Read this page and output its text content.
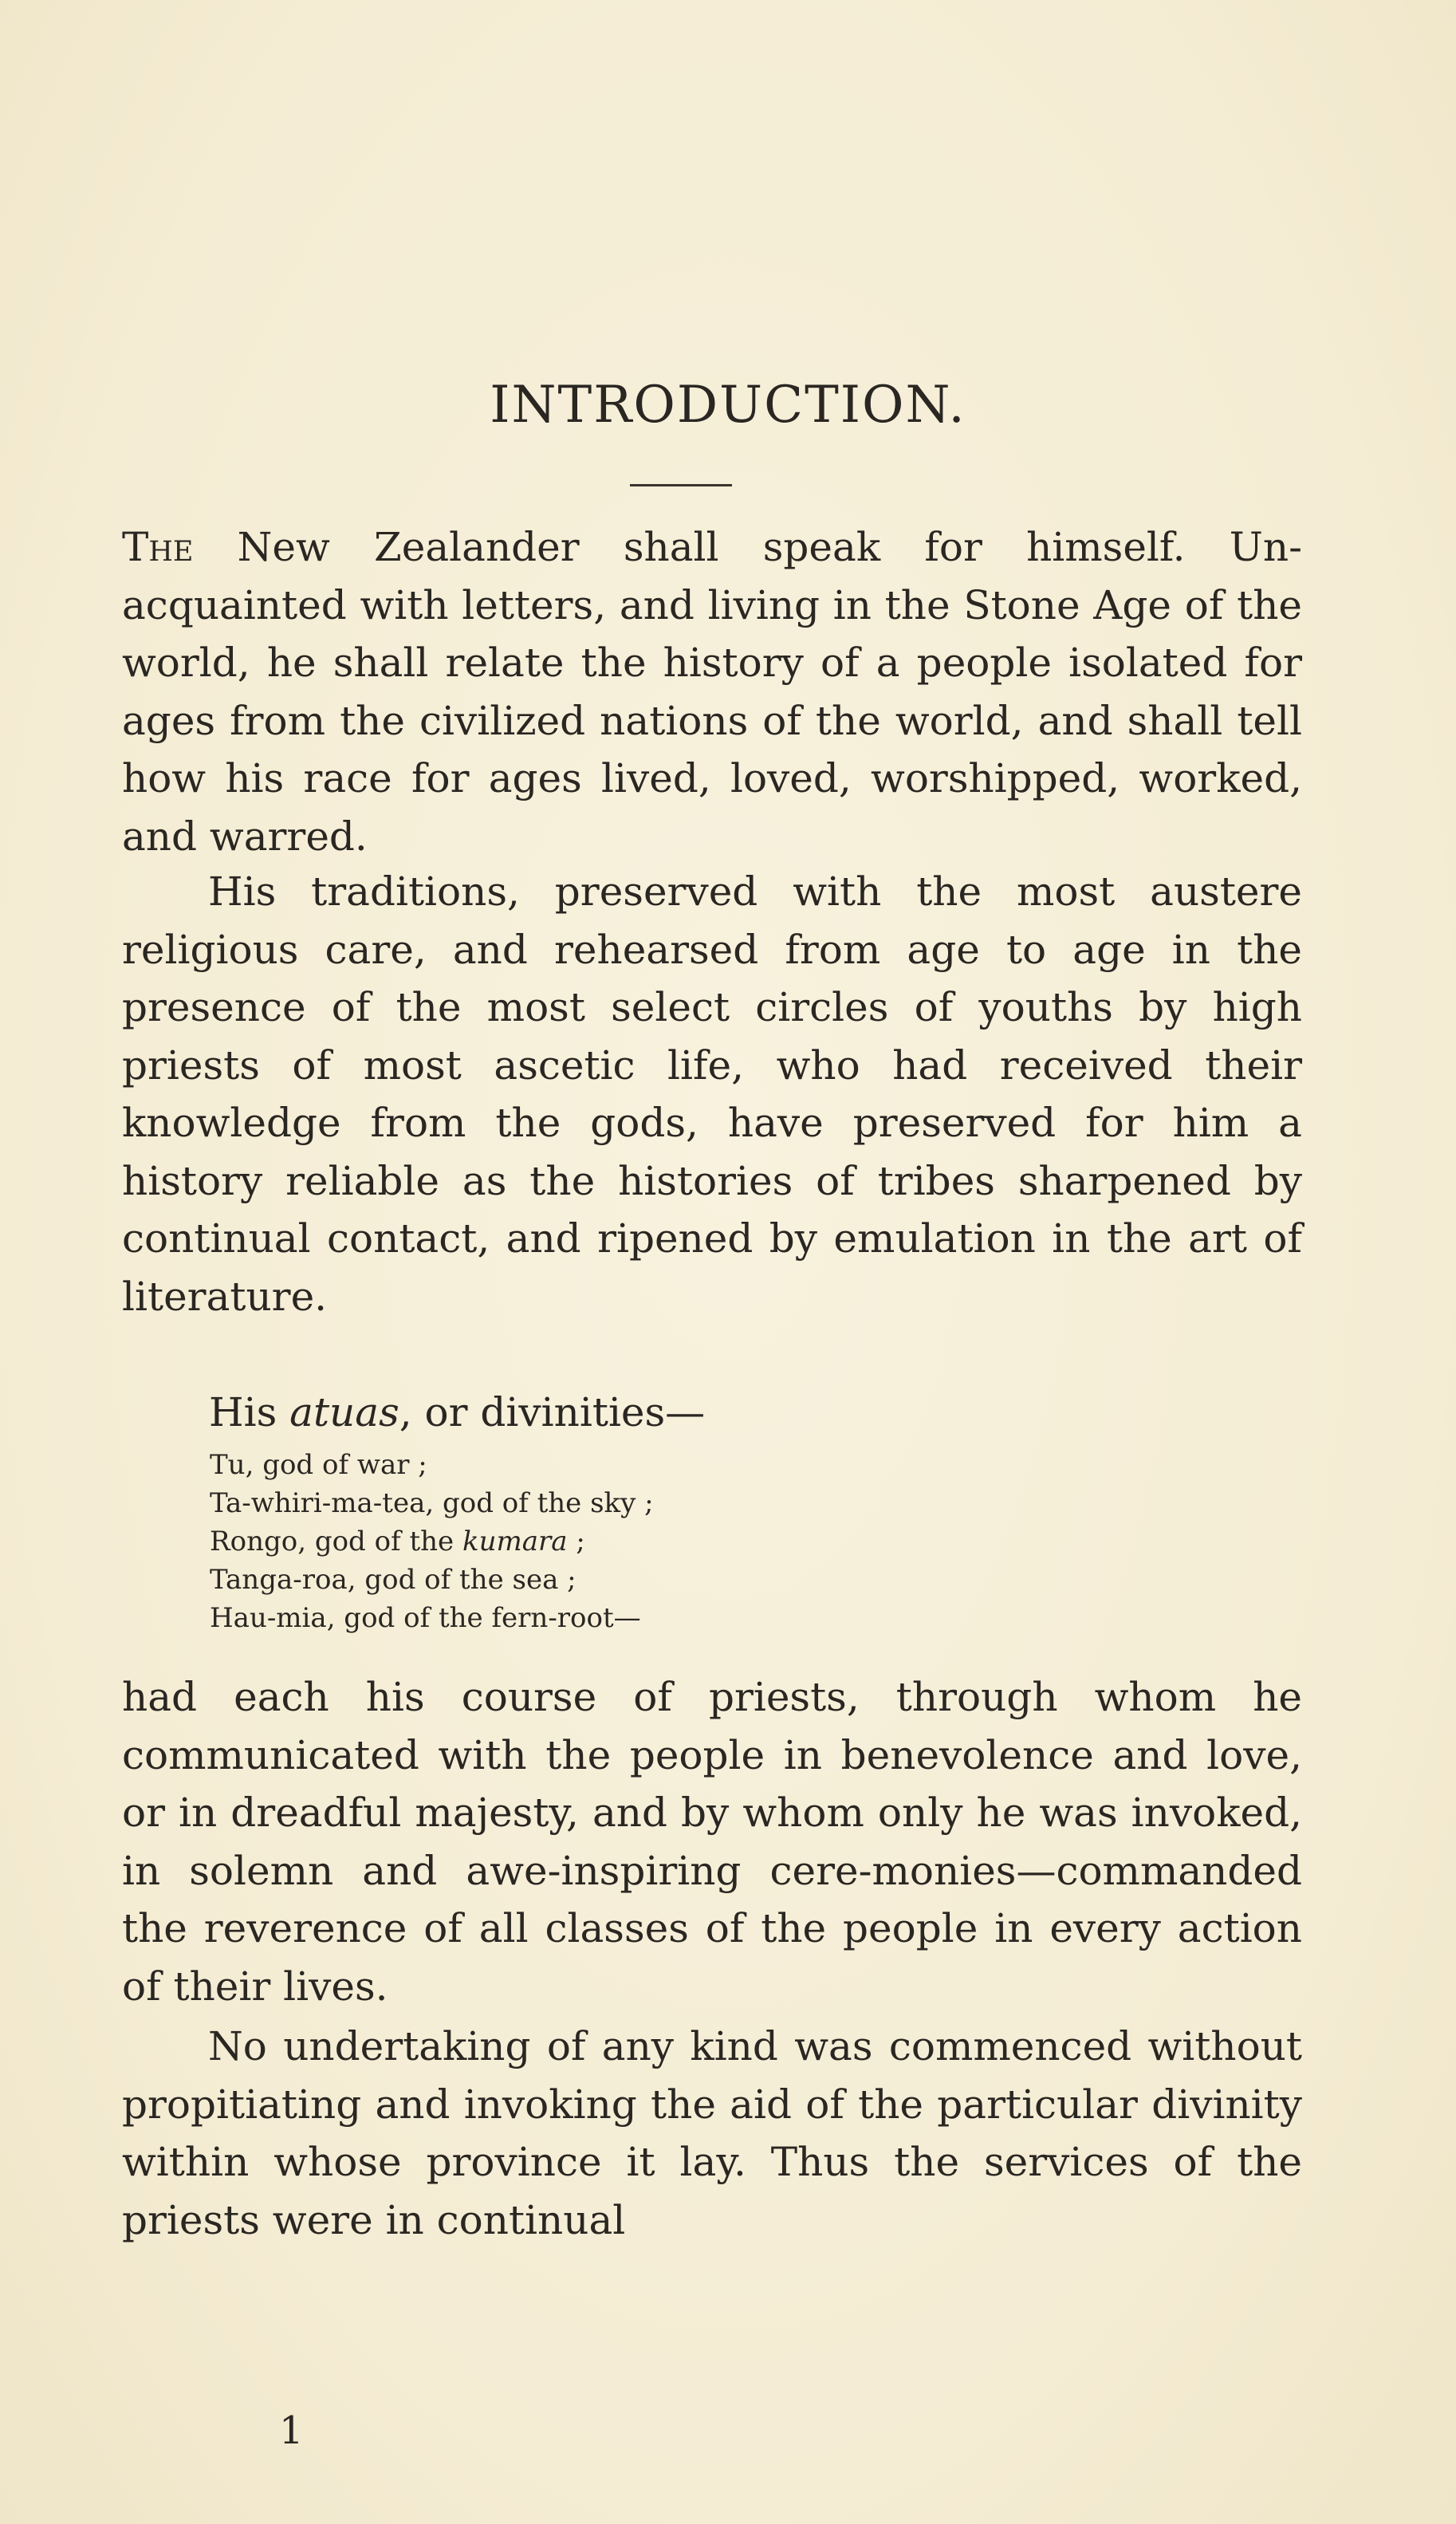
INTRODUCTION.

The New Zealander shall speak for himself. Un-acquainted with letters, and living in the Stone Age of the world, he shall relate the history of a people isolated for ages from the civilized nations of the world, and shall tell how his race for ages lived, loved, worshipped, worked, and warred.

His traditions, preserved with the most austere religious care, and rehearsed from age to age in the presence of the most select circles of youths by high priests of most ascetic life, who had received their knowledge from the gods, have preserved for him a history reliable as the histories of tribes sharpened by continual contact, and ripened by emulation in the art of literature.

His atuas, or divinities—
Tu, god of war ;
Ta-whiri-ma-tea, god of the sky ;
Rongo, god of the kumara ;
Tanga-roa, god of the sea ;
Hau-mia, god of the fern-root—

had each his course of priests, through whom he communicated with the people in benevolence and love, or in dreadful majesty, and by whom only he was invoked, in solemn and awe-inspiring cere-monies—commanded the reverence of all classes of the people in every action of their lives.

No undertaking of any kind was commenced without propitiating and invoking the aid of the particular divinity within whose province it lay. Thus the services of the priests were in continual

1
